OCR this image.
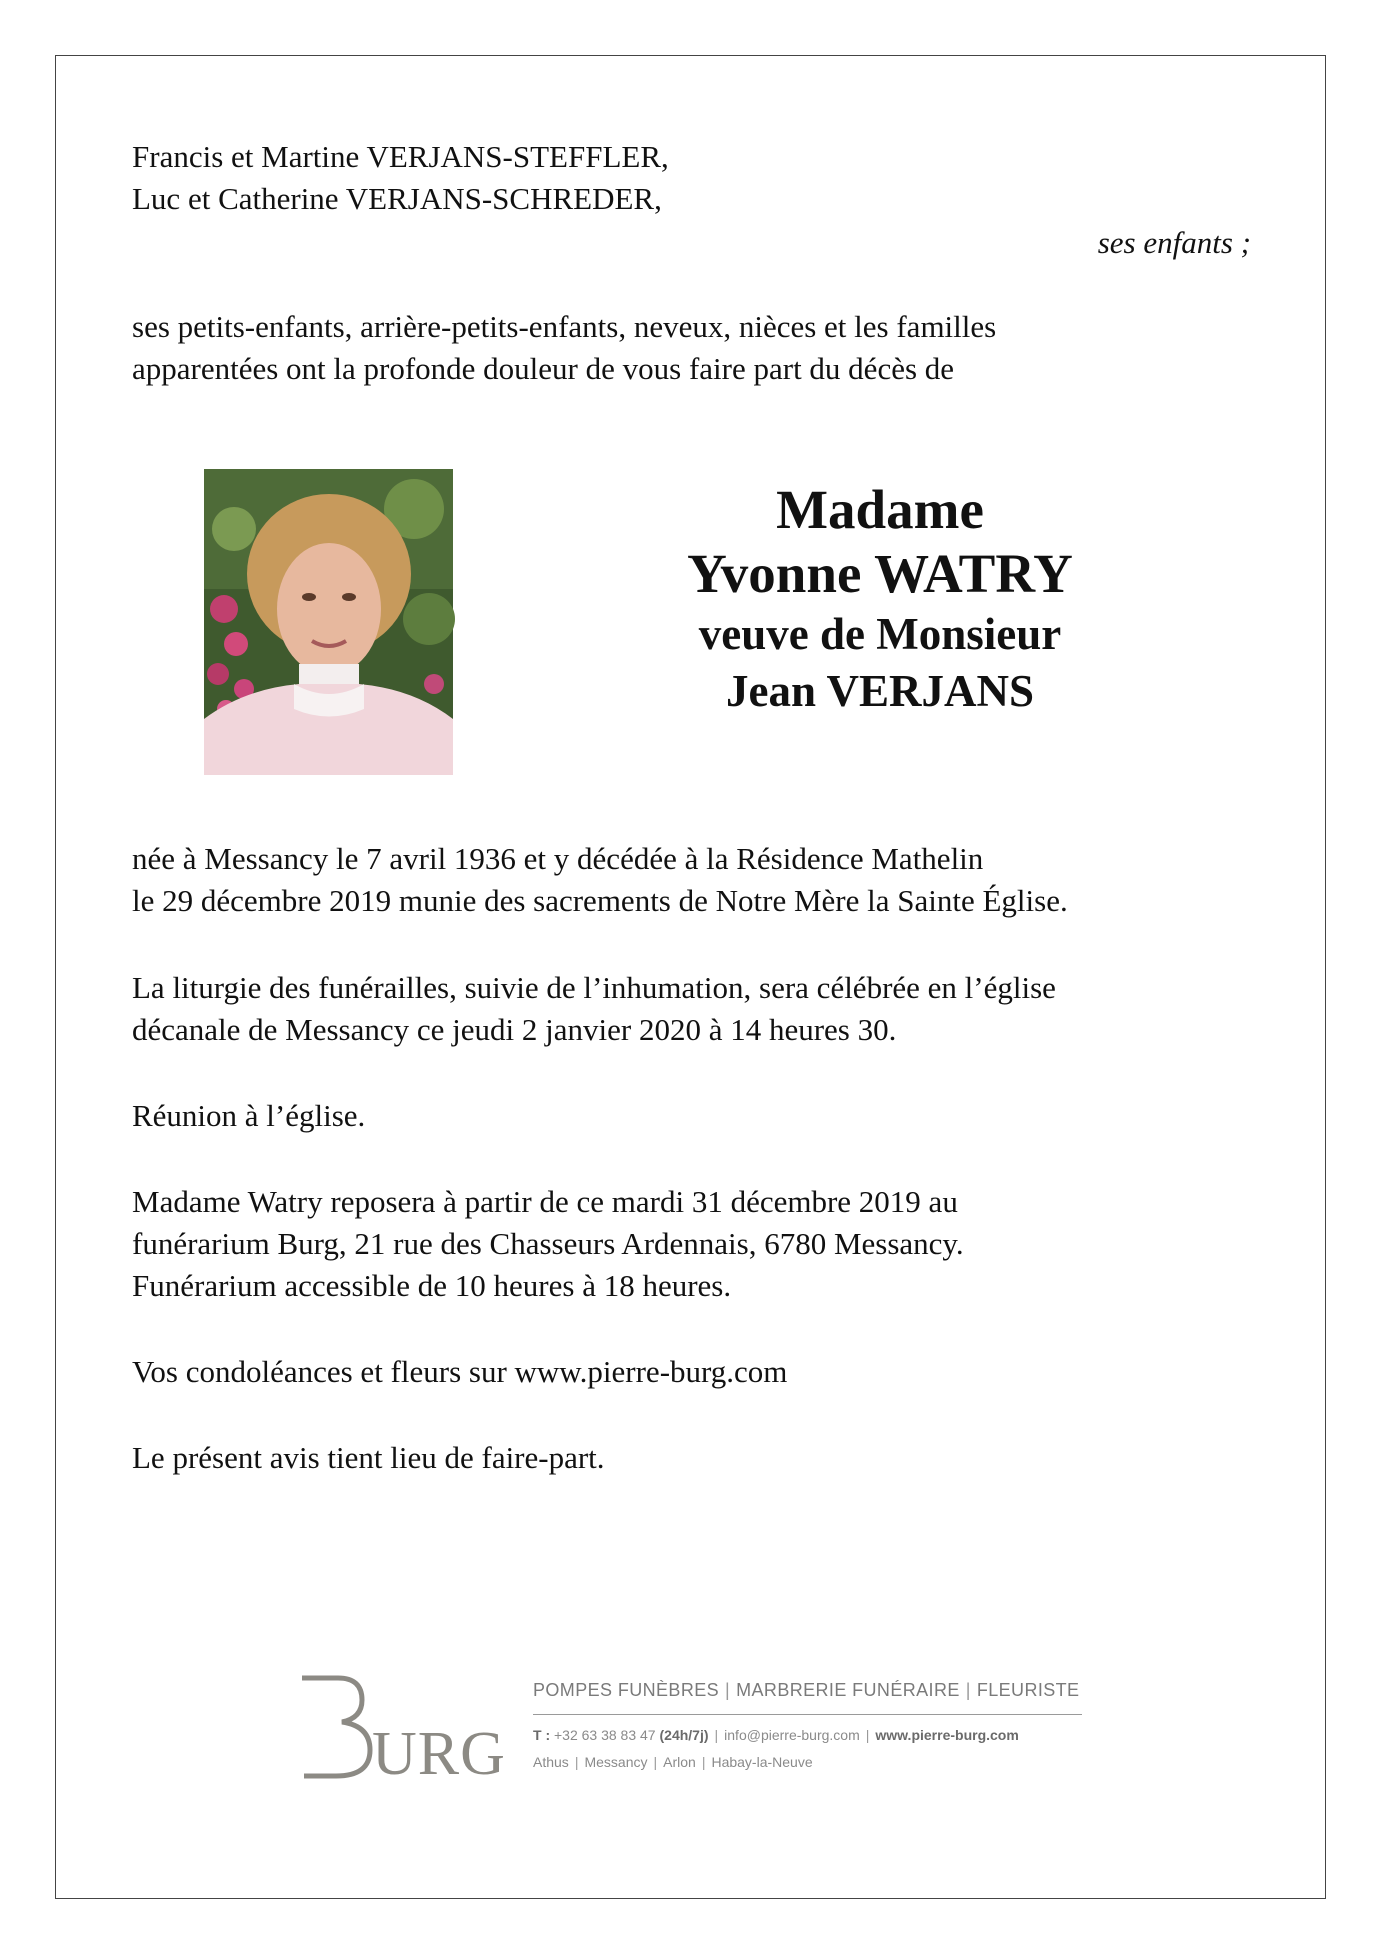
Francis et Martine VERJANS-STEFFLER,
Luc et Catherine VERJANS-SCHREDER,
ses enfants ;
ses petits-enfants, arrière-petits-enfants, neveux, nièces et les familles
apparentées ont la profonde douleur de vous faire part du décès de
Madame
Yvonne WATRY
veuve de Monsieur
Jean VERJANS
née à Messancy le 7 avril 1936 et y décédée à la Résidence Mathelin
le 29 décembre 2019 munie des sacrements de Notre Mère la Sainte Église.
La liturgie des funérailles, suivie de l’inhumation, sera célébrée en l’église
décanale de Messancy ce jeudi 2 janvier 2020 à 14 heures 30.
Réunion à l’église.
Madame Watry reposera à partir de ce mardi 31 décembre 2019 au
funérarium Burg, 21 rue des Chasseurs Ardennais, 6780 Messancy.
Funérarium accessible de 10 heures à 18 heures.
Vos condoléances et fleurs sur www.pierre-burg.com
Le présent avis tient lieu de faire-part.
URG
POMPES FUNÈBRES | MARBRERIE FUNÉRAIRE | FLEURISTE
T : +32 63 38 83 47 (24h/7j) | info@pierre-burg.com | www.pierre-burg.com
Athus | Messancy | Arlon | Habay-la-Neuve
